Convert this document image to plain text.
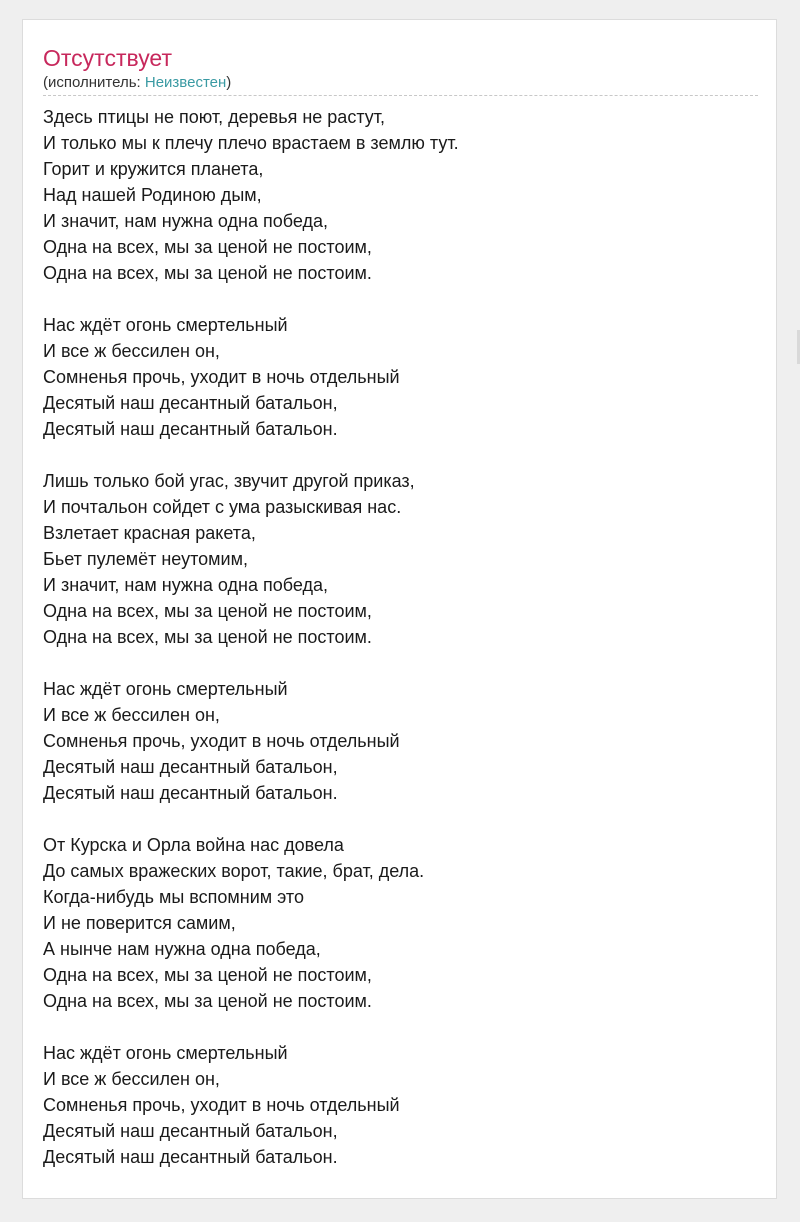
Отсутствует
(исполнитель: Неизвестен)
Здесь птицы не поют, деревья не растут,
И только мы к плечу плечо врастаем в землю тут.
Горит и кружится планета,
Над нашей Родиною дым,
И значит, нам нужна одна победа,
Одна на всех, мы за ценой не постоим,
Одна на всех, мы за ценой не постоим.
Нас ждёт огонь смертельный
И все ж бессилен он,
Сомненья прочь, уходит в ночь отдельный
Десятый наш десантный батальон,
Десятый наш десантный батальон.
Лишь только бой угас, звучит другой приказ,
И почтальон сойдет с ума разыскивая нас.
Взлетает красная ракета,
Бьет пулемёт неутомим,
И значит, нам нужна одна победа,
Одна на всех, мы за ценой не постоим,
Одна на всех, мы за ценой не постоим.
Нас ждёт огонь смертельный
И все ж бессилен он,
Сомненья прочь, уходит в ночь отдельный
Десятый наш десантный батальон,
Десятый наш десантный батальон.
От Курска и Орла война нас довела
До самых вражеских ворот, такие, брат, дела.
Когда-нибудь мы вспомним это
И не поверится самим,
А нынче нам нужна одна победа,
Одна на всех, мы за ценой не постоим,
Одна на всех, мы за ценой не постоим.
Нас ждёт огонь смертельный
И все ж бессилен он,
Сомненья прочь, уходит в ночь отдельный
Десятый наш десантный батальон,
Десятый наш десантный батальон.
